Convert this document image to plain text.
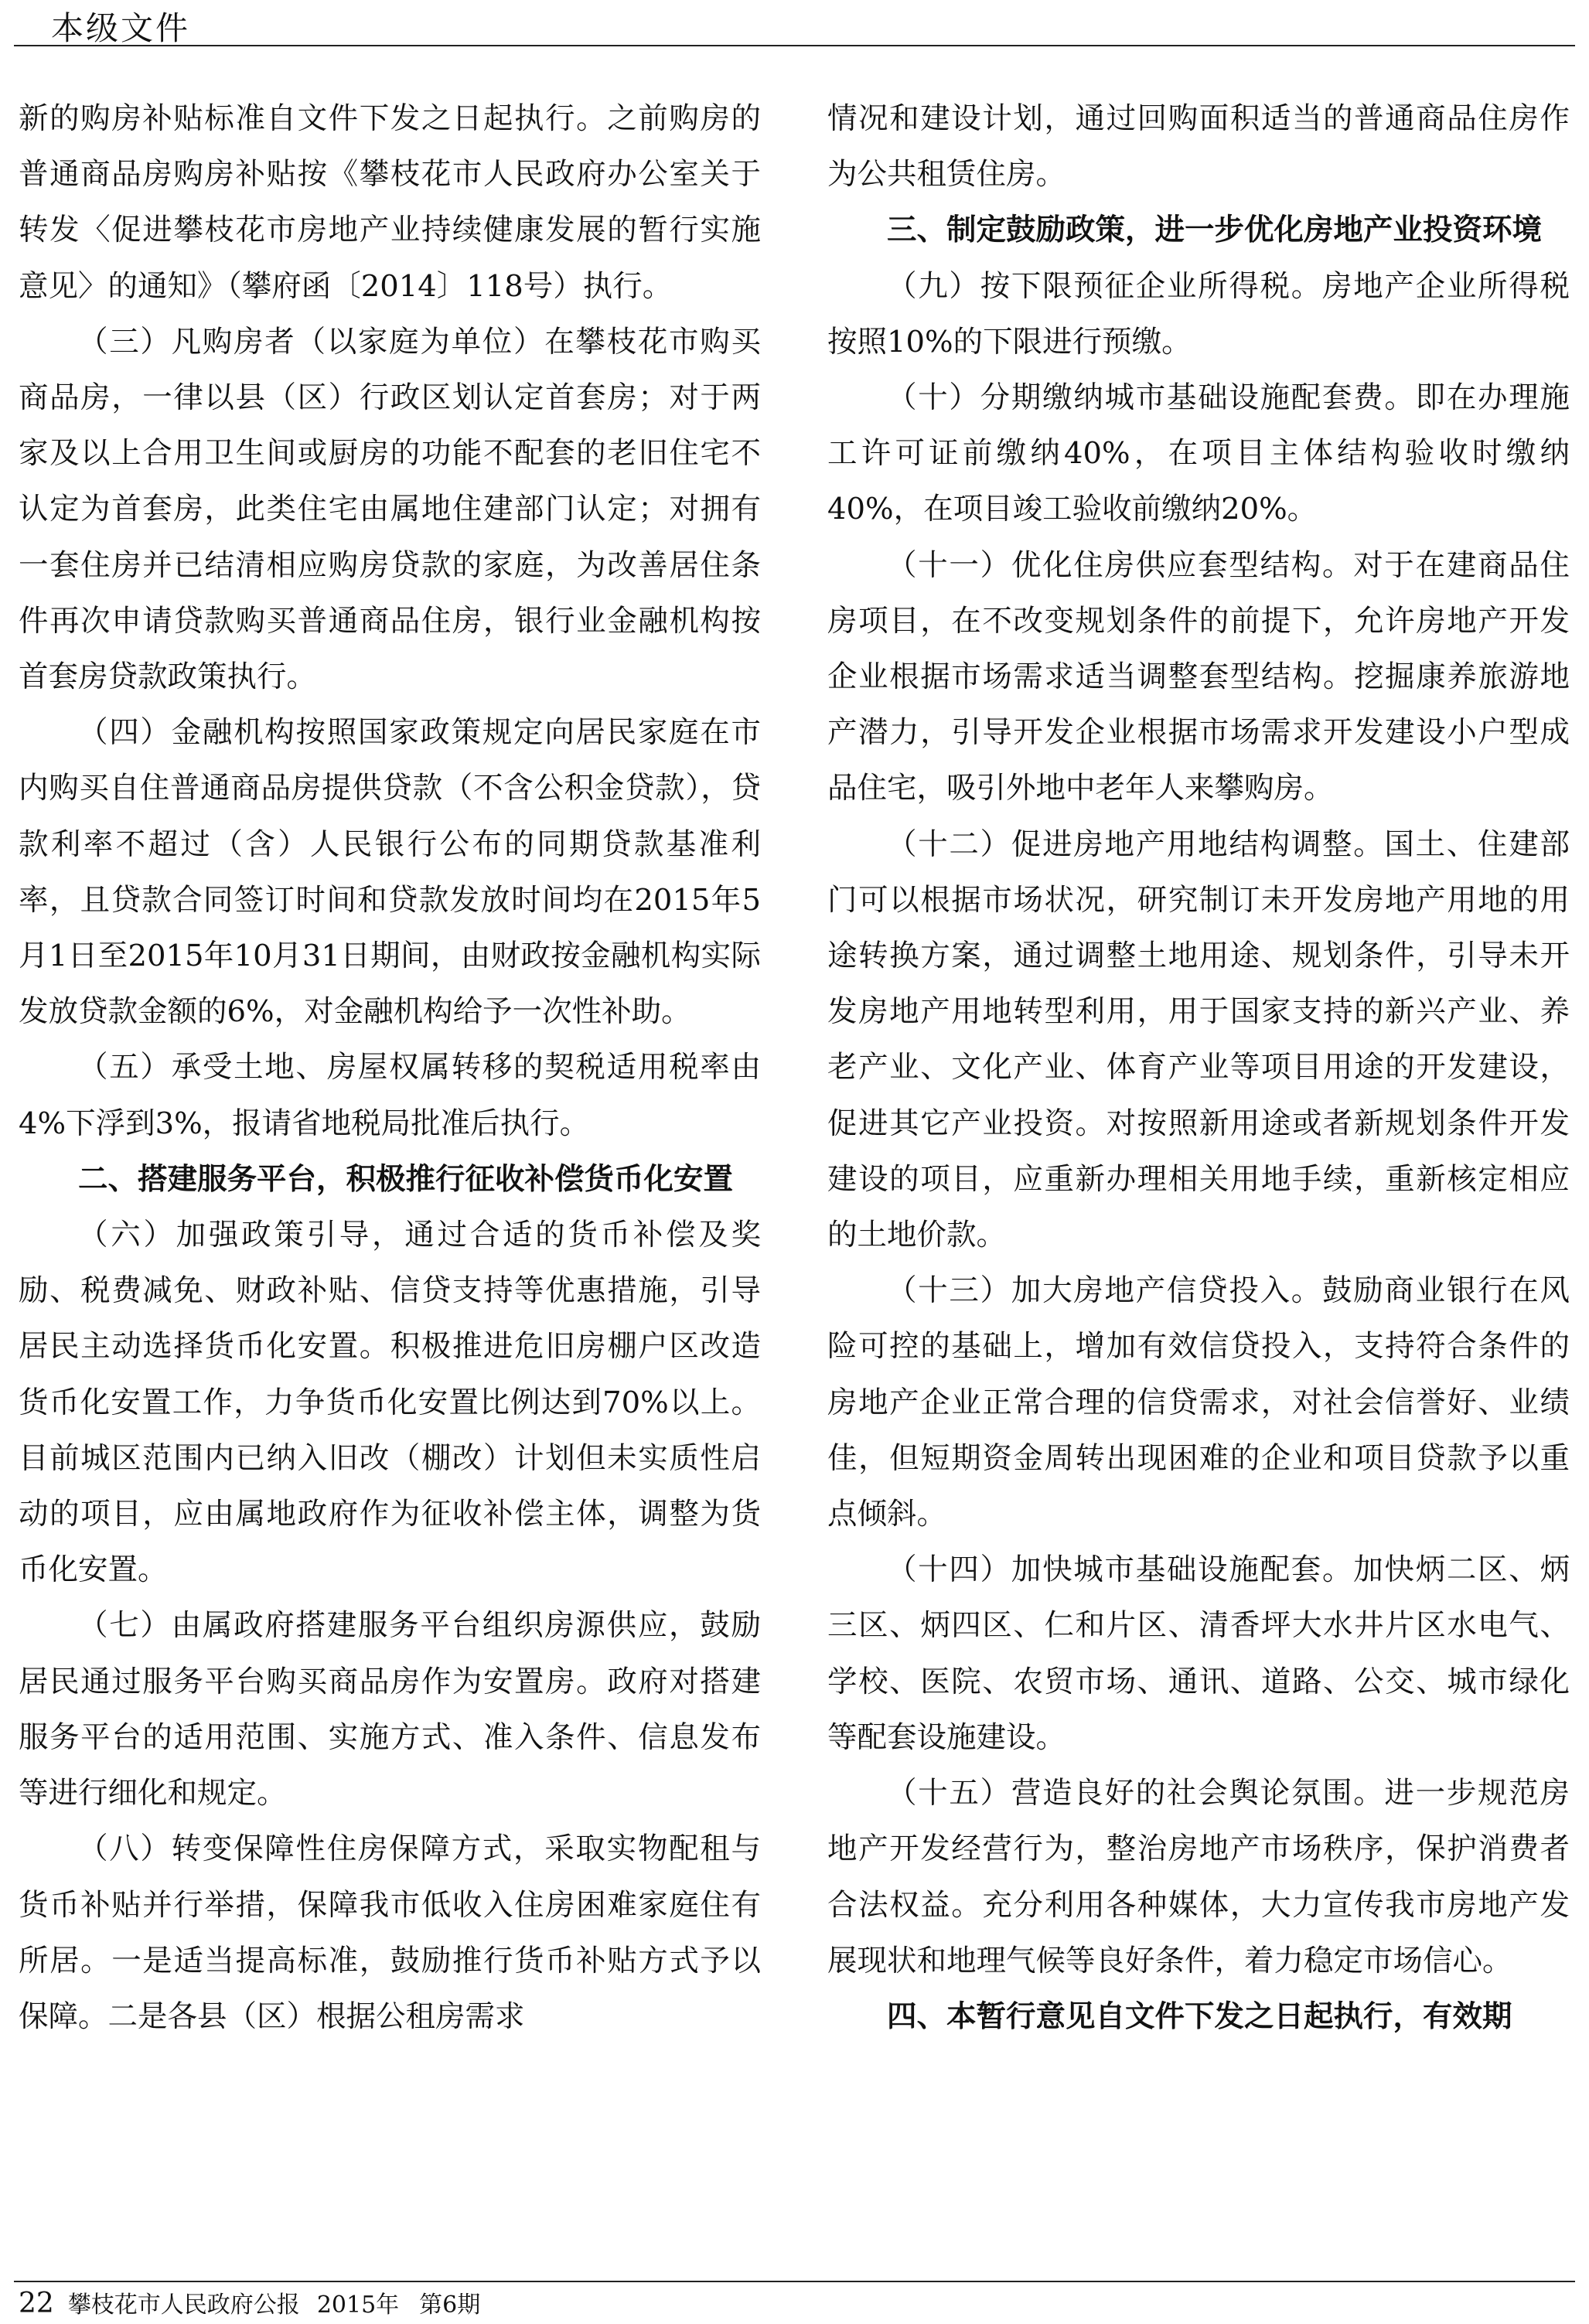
本级文件

新的购房补贴标准自文件下发之日起执行。之前购房的普通商品房购房补贴按《攀枝花市人民政府办公室关于转发〈促进攀枝花市房地产业持续健康发展的暂行实施意见〉的通知》（攀府函〔2014〕118号）执行。

（三）凡购房者（以家庭为单位）在攀枝花市购买商品房，一律以县（区）行政区划认定首套房；对于两家及以上合用卫生间或厨房的功能不配套的老旧住宅不认定为首套房，此类住宅由属地住建部门认定；对拥有一套住房并已结清相应购房贷款的家庭，为改善居住条件再次申请贷款购买普通商品住房，银行业金融机构按首套房贷款政策执行。

（四）金融机构按照国家政策规定向居民家庭在市内购买自住普通商品房提供贷款（不含公积金贷款），贷款利率不超过（含）人民银行公布的同期贷款基准利率，且贷款合同签订时间和贷款发放时间均在2015年5月1日至2015年10月31日期间，由财政按金融机构实际发放贷款金额的6%，对金融机构给予一次性补助。

（五）承受土地、房屋权属转移的契税适用税率由4%下浮到3%，报请省地税局批准后执行。

二、搭建服务平台，积极推行征收补偿货币化安置

（六）加强政策引导，通过合适的货币补偿及奖励、税费减免、财政补贴、信贷支持等优惠措施，引导居民主动选择货币化安置。积极推进危旧房棚户区改造货币化安置工作，力争货币化安置比例达到70%以上。目前城区范围内已纳入旧改（棚改）计划但未实质性启动的项目，应由属地政府作为征收补偿主体，调整为货币化安置。

（七）由属政府搭建服务平台组织房源供应，鼓励居民通过服务平台购买商品房作为安置房。政府对搭建服务平台的适用范围、实施方式、准入条件、信息发布等进行细化和规定。

（八）转变保障性住房保障方式，采取实物配租与货币补贴并行举措，保障我市低收入住房困难家庭住有所居。一是适当提高标准，鼓励推行货币补贴方式予以保障。二是各县（区）根据公租房需求

情况和建设计划，通过回购面积适当的普通商品住房作为公共租赁住房。

三、制定鼓励政策，进一步优化房地产业投资环境

（九）按下限预征企业所得税。房地产企业所得税按照10%的下限进行预缴。

（十）分期缴纳城市基础设施配套费。即在办理施工许可证前缴纳40%，在项目主体结构验收时缴纳40%，在项目竣工验收前缴纳20%。

（十一）优化住房供应套型结构。对于在建商品住房项目，在不改变规划条件的前提下，允许房地产开发企业根据市场需求适当调整套型结构。挖掘康养旅游地产潜力，引导开发企业根据市场需求开发建设小户型成品住宅，吸引外地中老年人来攀购房。

（十二）促进房地产用地结构调整。国土、住建部门可以根据市场状况，研究制订未开发房地产用地的用途转换方案，通过调整土地用途、规划条件，引导未开发房地产用地转型利用，用于国家支持的新兴产业、养老产业、文化产业、体育产业等项目用途的开发建设，促进其它产业投资。对按照新用途或者新规划条件开发建设的项目，应重新办理相关用地手续，重新核定相应的土地价款。

（十三）加大房地产信贷投入。鼓励商业银行在风险可控的基础上，增加有效信贷投入，支持符合条件的房地产企业正常合理的信贷需求，对社会信誉好、业绩佳，但短期资金周转出现困难的企业和项目贷款予以重点倾斜。

（十四）加快城市基础设施配套。加快炳二区、炳三区、炳四区、仁和片区、清香坪大水井片区水电气、学校、医院、农贸市场、通讯、道路、公交、城市绿化等配套设施建设。

（十五）营造良好的社会舆论氛围。进一步规范房地产开发经营行为，整治房地产市场秩序，保护消费者合法权益。充分利用各种媒体，大力宣传我市房地产发展现状和地理气候等良好条件，着力稳定市场信心。

四、本暂行意见自文件下发之日起执行，有效期

22 攀枝花市人民政府公报 2015年 第6期
